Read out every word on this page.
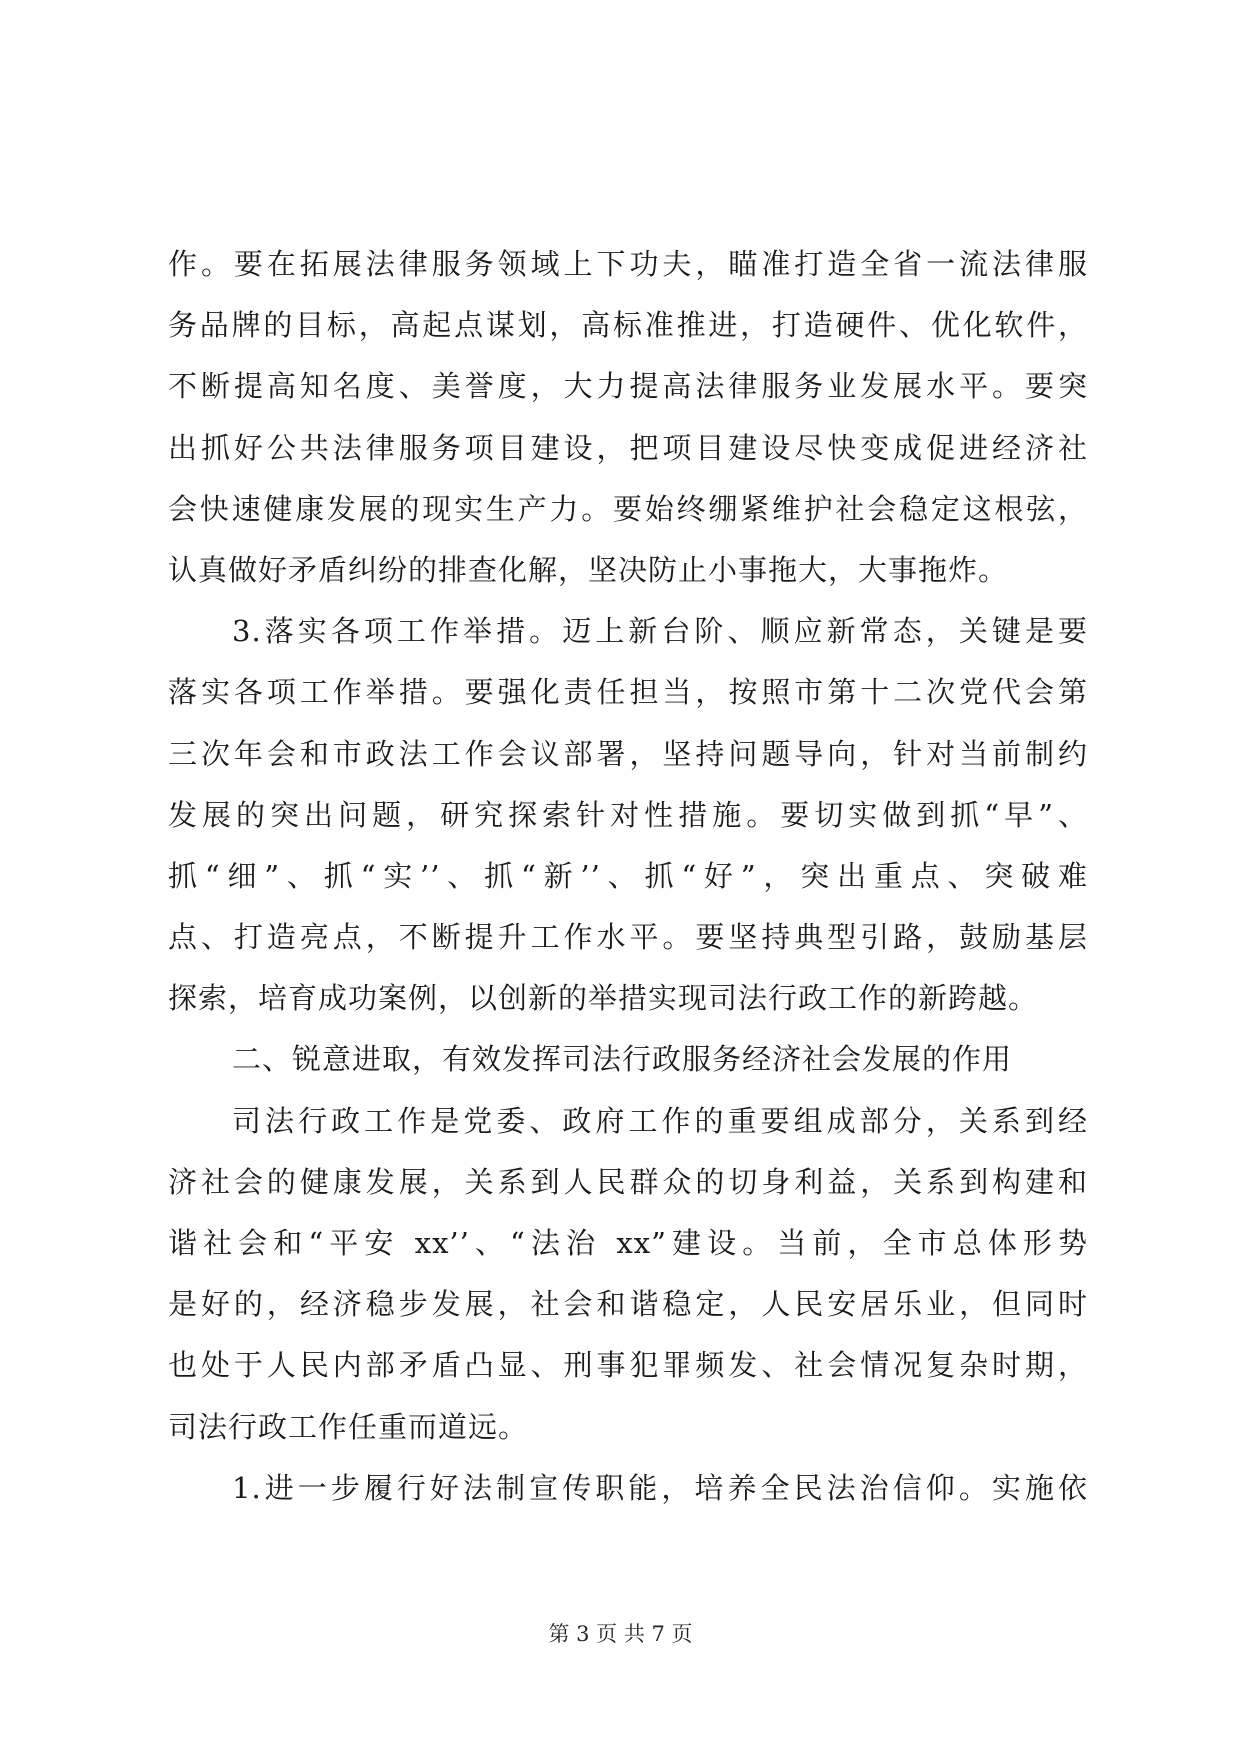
作。要在拓展法律服务领域上下功夫，瞄准打造全省一流法律服
务品牌的目标，高起点谋划，高标准推进，打造硬件、优化软件，
不断提高知名度、美誉度，大力提高法律服务业发展水平。要突
出抓好公共法律服务项目建设，把项目建设尽快变成促进经济社
会快速健康发展的现实生产力。要始终绷紧维护社会稳定这根弦，
认真做好矛盾纠纷的排查化解，坚决防止小事拖大，大事拖炸。
3.落实各项工作举措。迈上新台阶、顺应新常态，关键是要
落实各项工作举措。要强化责任担当，按照市第十二次党代会第
三次年会和市政法工作会议部署，坚持问题导向，针对当前制约
发展的突出问题，研究探索针对性措施。要切实做到抓“早”、
抓“细”、抓“实’’、抓“新’’、抓“好”，突出重点、突破难
点、打造亮点，不断提升工作水平。要坚持典型引路，鼓励基层
探索，培育成功案例，以创新的举措实现司法行政工作的新跨越。
二、锐意进取，有效发挥司法行政服务经济社会发展的作用
司法行政工作是党委、政府工作的重要组成部分，关系到经
济社会的健康发展，关系到人民群众的切身利益，关系到构建和
谐社会和“平安 xx’’、“法治 xx”建设。当前，全市总体形势
是好的，经济稳步发展，社会和谐稳定，人民安居乐业，但同时
也处于人民内部矛盾凸显、刑事犯罪频发、社会情况复杂时期，
司法行政工作任重而道远。
1.进一步履行好法制宣传职能，培养全民法治信仰。实施依
第 3 页 共 7 页
